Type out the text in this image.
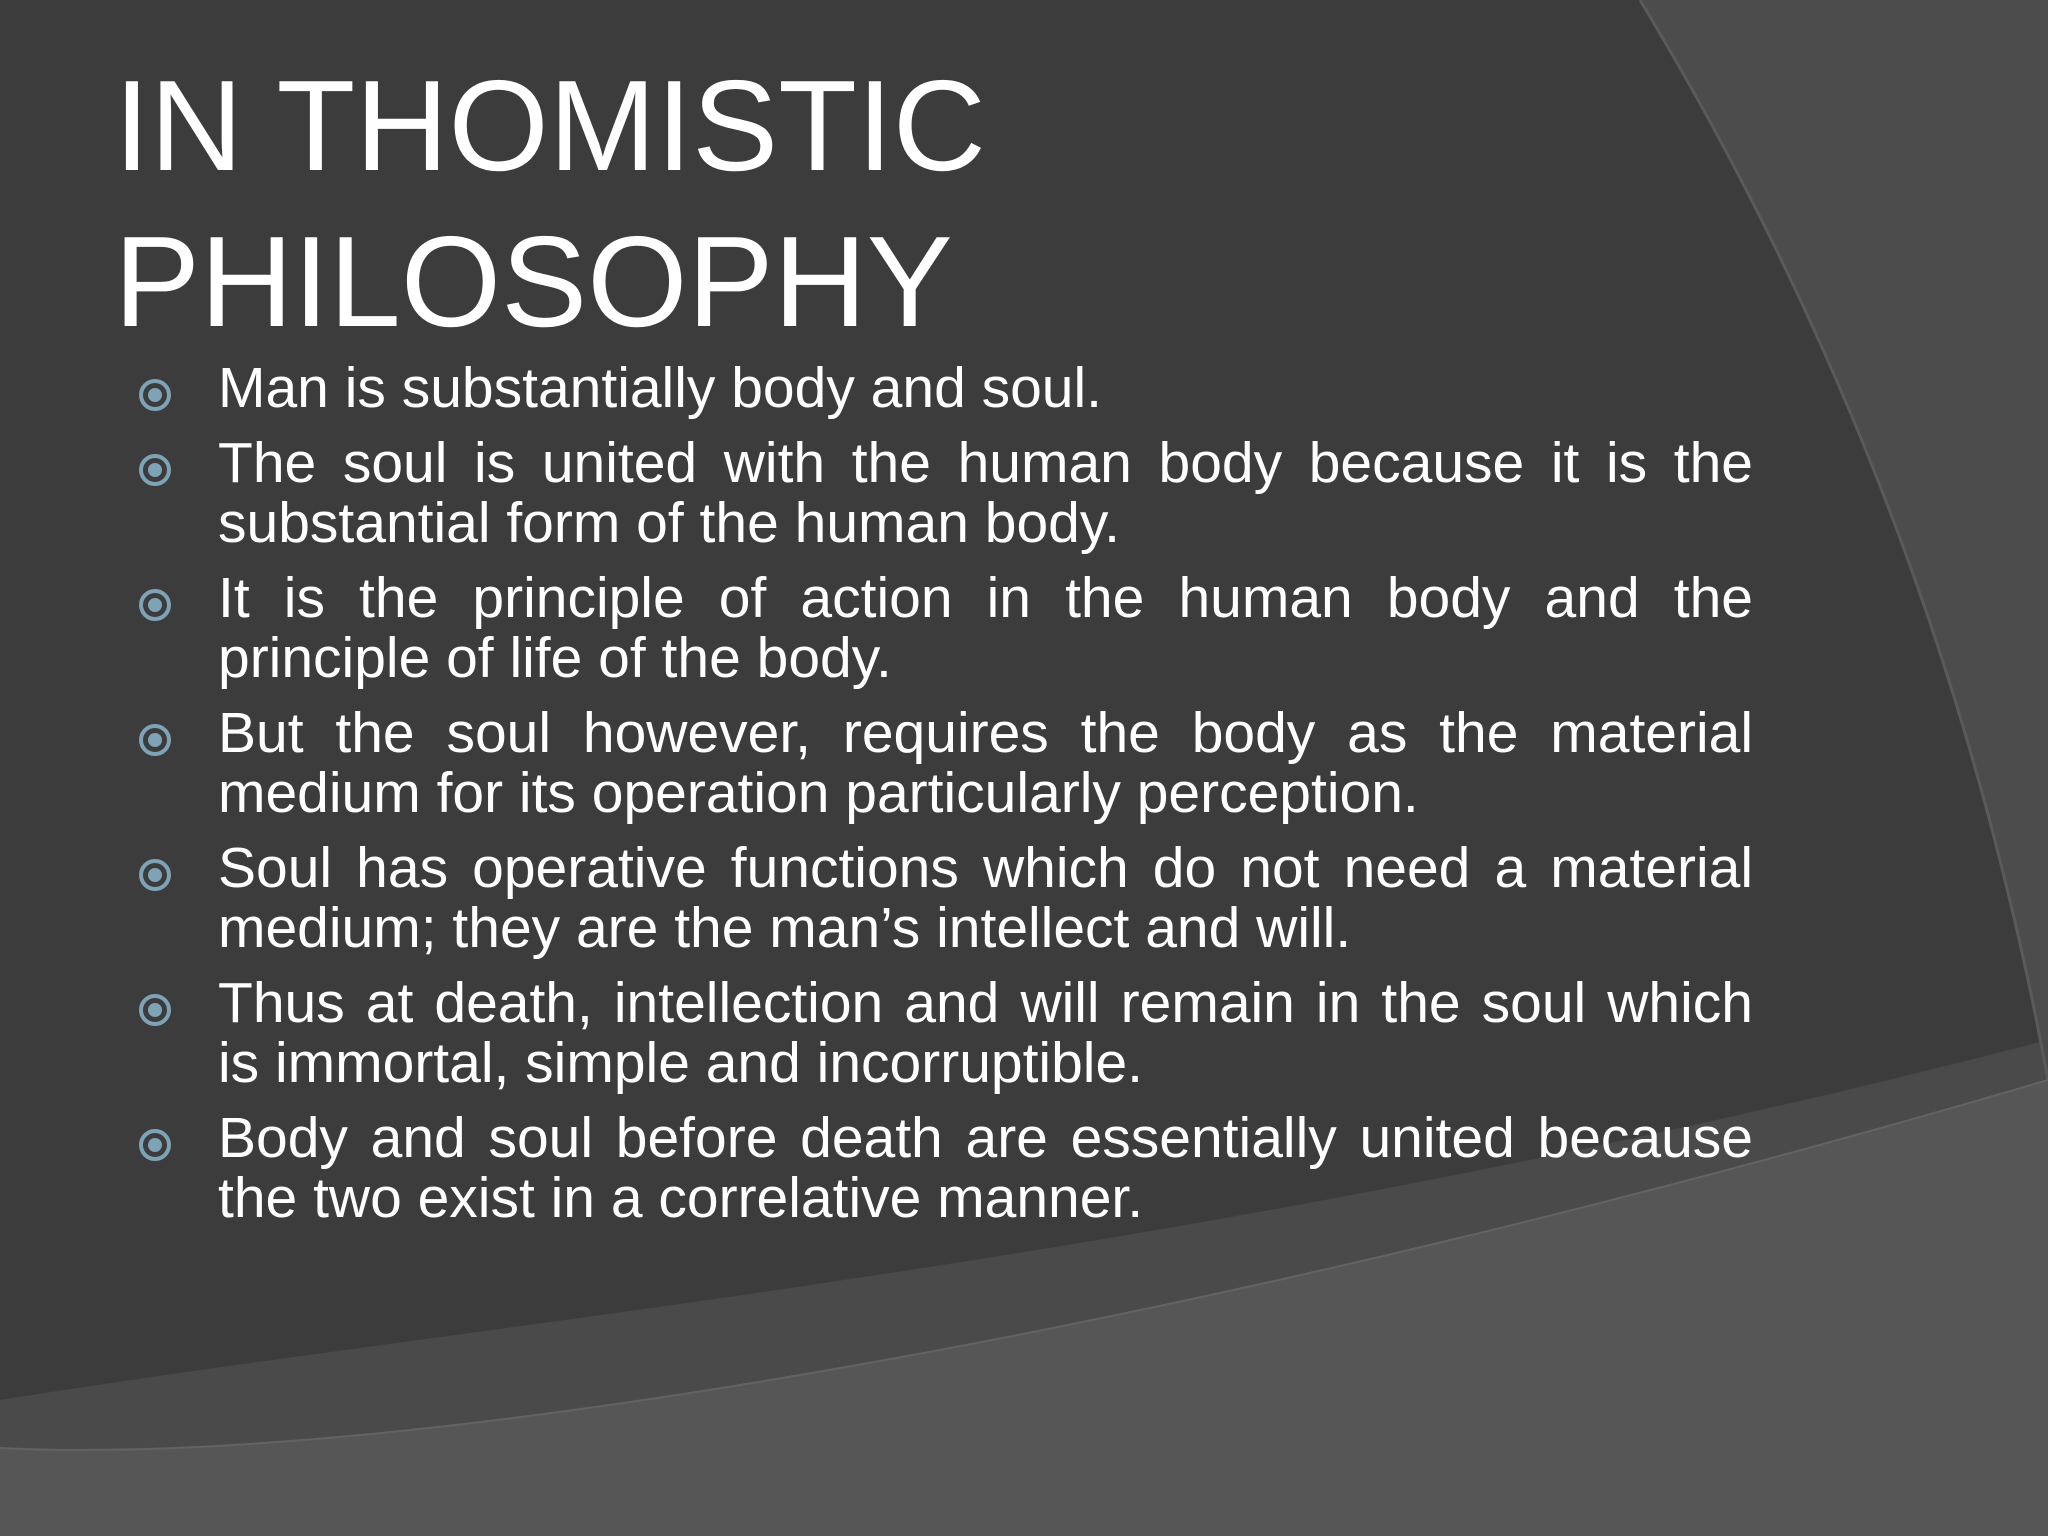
IN THOMISTIC
PHILOSOPHY
Man is substantially body and soul.
The soul is united with the human body because it is the substantial form of the human body.
It is the principle of action in the human body and the principle of life of the body.
But the soul however, requires the body as the material medium for its operation particularly perception.
Soul has operative functions which do not need a material medium; they are the man’s intellect and will.
Thus at death, intellection and will remain in the soul which is immortal, simple and incorruptible.
Body and soul before death are essentially united because the two exist in a correlative manner.
